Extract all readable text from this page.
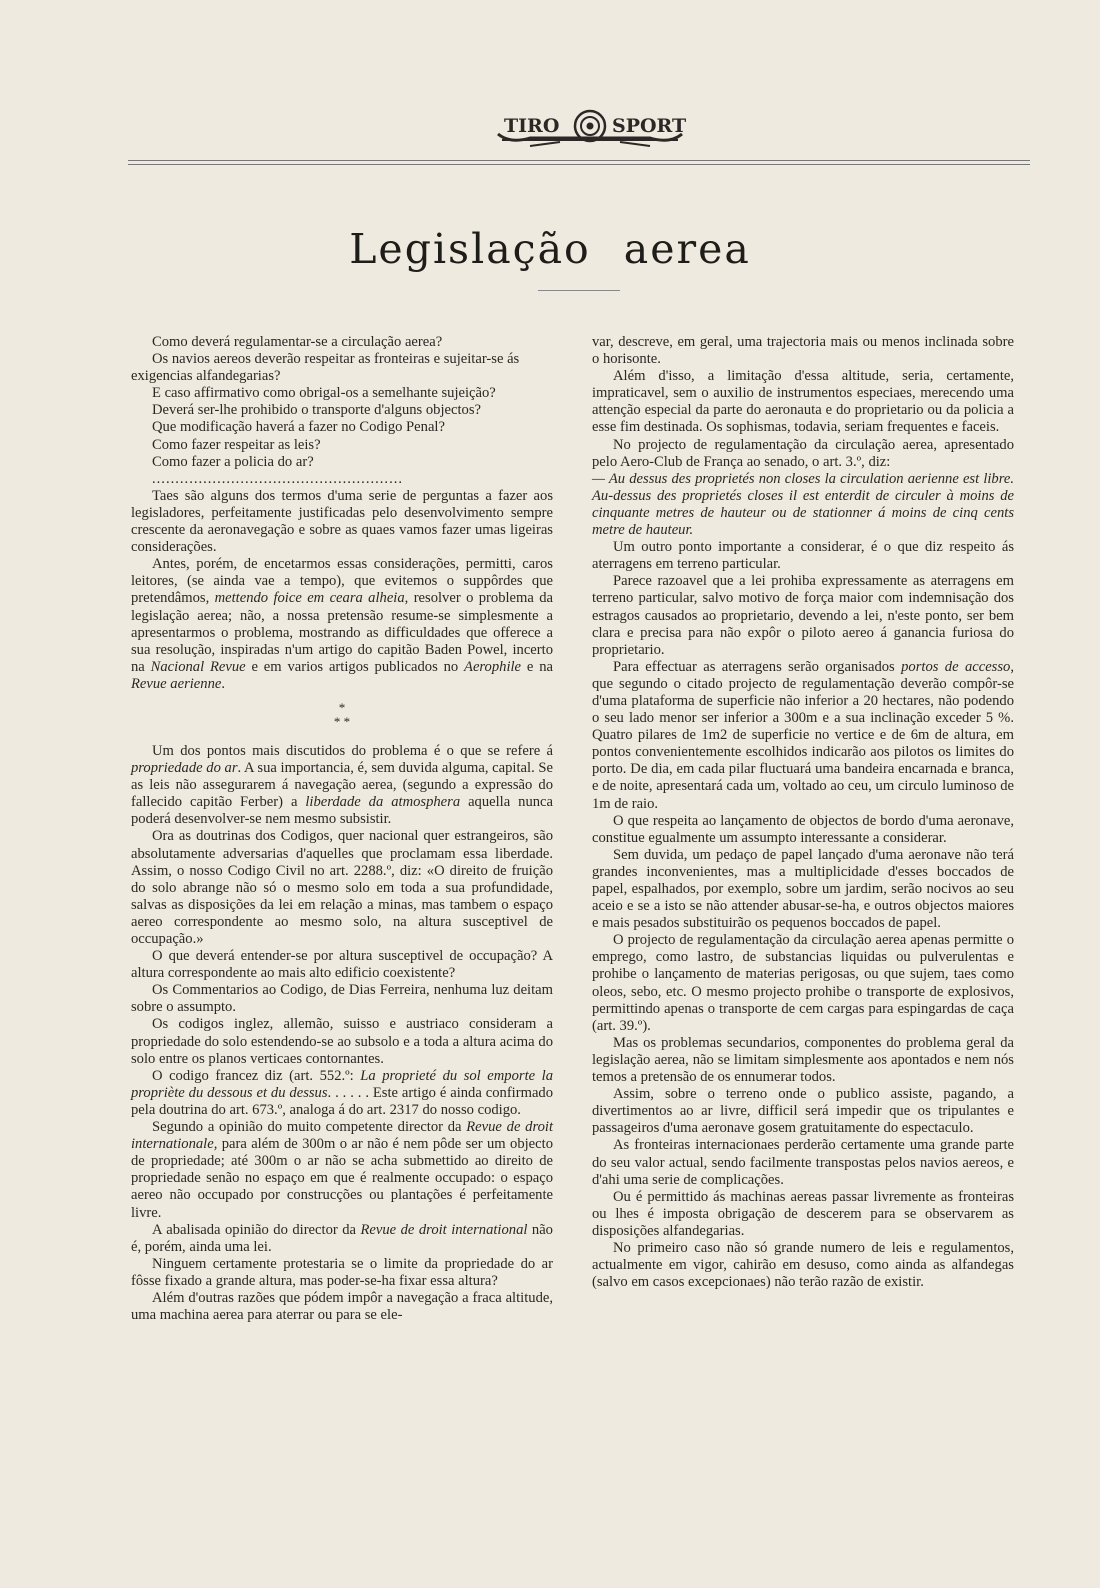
TIRO	SPORT
Legislação aerea

Como deverá regulamentar-se a circulação aerea?

Os navios aereos deverão respeitar as fronteiras e sujeitar-se ás exigencias alfandegarias?

E caso affirmativo como obrigal-os a semelhante sujeição?

Deverá ser-lhe prohibido o transporte d'alguns objectos?

Que modificação haverá a fazer no Codigo Penal?

Como fazer respeitar as leis?

Como fazer a policia do ar?

......................................................

Taes são alguns dos termos d'uma serie de perguntas a fazer aos legisladores, perfeitamente justificadas pelo desenvolvimento sempre crescente da aeronavegação e sobre as quaes vamos fazer umas ligeiras considerações.

Antes, porém, de encetarmos essas considerações, permitti, caros leitores, (se ainda vae a tempo), que evitemos o suppôrdes que pretendâmos, mettendo foice em ceara alheia, resolver o problema da legislação aerea; não, a nossa pretensão resume-se simplesmente a apresentarmos o problema, mostrando as difficuldades que offerece a sua resolução, inspiradas n'um artigo do capitão Baden Powel, incerto na Nacional Revue e em varios artigos publicados no Aerophile e na Revue aerienne.

*
* *

Um dos pontos mais discutidos do problema é o que se refere á propriedade do ar. A sua importancia, é, sem duvida alguma, capital. Se as leis não assegurarem á navegação aerea, (segundo a expressão do fallecido capitão Ferber) a liberdade da atmosphera aquella nunca poderá desenvolver-se nem mesmo subsistir.

Ora as doutrinas dos Codigos, quer nacional quer estrangeiros, são absolutamente adversarias d'aquelles que proclamam essa liberdade. Assim, o nosso Codigo Civil no art. 2288.º, diz: «O direito de fruição do solo abrange não só o mesmo solo em toda a sua profundidade, salvas as disposições da lei em relação a minas, mas tambem o espaço aereo correspondente ao mesmo solo, na altura susceptivel de occupação.»

O que deverá entender-se por altura susceptivel de occupação? A altura correspondente ao mais alto edificio coexistente?

Os Commentarios ao Codigo, de Dias Ferreira, nenhuma luz deitam sobre o assumpto.

Os codigos inglez, allemão, suisso e austriaco consideram a propriedade do solo estendendo-se ao subsolo e a toda a altura acima do solo entre os planos verticaes contornantes.

O codigo francez diz (art. 552.º: La proprieté du sol emporte la propriète du dessous et du dessus. . . . . . Este artigo é ainda confirmado pela doutrina do art. 673.º, analoga á do art. 2317 do nosso codigo.

Segundo a opinião do muito competente director da Revue de droit internationale, para além de 300m o ar não é nem pôde ser um objecto de propriedade; até 300m o ar não se acha submettido ao direito de propriedade senão no espaço em que é realmente occupado: o espaço aereo não occupado por construcções ou plantações é perfeitamente livre.

A abalisada opinião do director da Revue de droit international não é, porém, ainda uma lei.

Ninguem certamente protestaria se o limite da propriedade do ar fôsse fixado a grande altura, mas poder-se-ha fixar essa altura?

Além d'outras razões que pódem impôr a navegação a fraca altitude, uma machina aerea para aterrar ou para se ele-

var, descreve, em geral, uma trajectoria mais ou menos inclinada sobre o horisonte.

Além d'isso, a limitação d'essa altitude, seria, certamente, impraticavel, sem o auxilio de instrumentos especiaes, merecendo uma attenção especial da parte do aeronauta e do proprietario ou da policia a esse fim destinada. Os sophismas, todavia, seriam frequentes e faceis.

No projecto de regulamentação da circulação aerea, apresentado pelo Aero-Club de França ao senado, o art. 3.º, diz:

— Au dessus des proprietés non closes la circulation aerienne est libre. Au-dessus des proprietés closes il est enterdit de circuler à moins de cinquante metres de hauteur ou de stationner á moins de cinq cents metre de hauteur.

Um outro ponto importante a considerar, é o que diz respeito ás aterragens em terreno particular.

Parece razoavel que a lei prohiba expressamente as aterragens em terreno particular, salvo motivo de força maior com indemnisação dos estragos causados ao proprietario, devendo a lei, n'este ponto, ser bem clara e precisa para não expôr o piloto aereo á ganancia furiosa do proprietario.

Para effectuar as aterragens serão organisados portos de accesso, que segundo o citado projecto de regulamentação deverão compôr-se d'uma plataforma de superficie não inferior a 20 hectares, não podendo o seu lado menor ser inferior a 300m e a sua inclinação exceder 5 %. Quatro pilares de 1m2 de superficie no vertice e de 6m de altura, em pontos convenientemente escolhidos indicarão aos pilotos os limites do porto. De dia, em cada pilar fluctuará uma bandeira encarnada e branca, e de noite, apresentará cada um, voltado ao ceu, um circulo luminoso de 1m de raio.

O que respeita ao lançamento de objectos de bordo d'uma aeronave, constitue egualmente um assumpto interessante a considerar.

Sem duvida, um pedaço de papel lançado d'uma aeronave não terá grandes inconvenientes, mas a multiplicidade d'esses boccados de papel, espalhados, por exemplo, sobre um jardim, serão nocivos ao seu aceio e se a isto se não attender abusar-se-ha, e outros objectos maiores e mais pesados substituirão os pequenos boccados de papel.

O projecto de regulamentação da circulação aerea apenas permitte o emprego, como lastro, de substancias liquidas ou pulverulentas e prohibe o lançamento de materias perigosas, ou que sujem, taes como oleos, sebo, etc. O mesmo projecto prohibe o transporte de explosivos, permittindo apenas o transporte de cem cargas para espingardas de caça (art. 39.º).

Mas os problemas secundarios, componentes do problema geral da legislação aerea, não se limitam simplesmente aos apontados e nem nós temos a pretensão de os ennumerar todos.

Assim, sobre o terreno onde o publico assiste, pagando, a divertimentos ao ar livre, difficil será impedir que os tripulantes e passageiros d'uma aeronave gosem gratuitamente do espectaculo.

As fronteiras internacionaes perderão certamente uma grande parte do seu valor actual, sendo facilmente transpostas pelos navios aereos, e d'ahi uma serie de complicações.

Ou é permittido ás machinas aereas passar livremente as fronteiras ou lhes é imposta obrigação de descerem para se observarem as disposições alfandegarias.

No primeiro caso não só grande numero de leis e regulamentos, actualmente em vigor, cahirão em desuso, como ainda as alfandegas (salvo em casos excepcionaes) não terão razão de existir.
